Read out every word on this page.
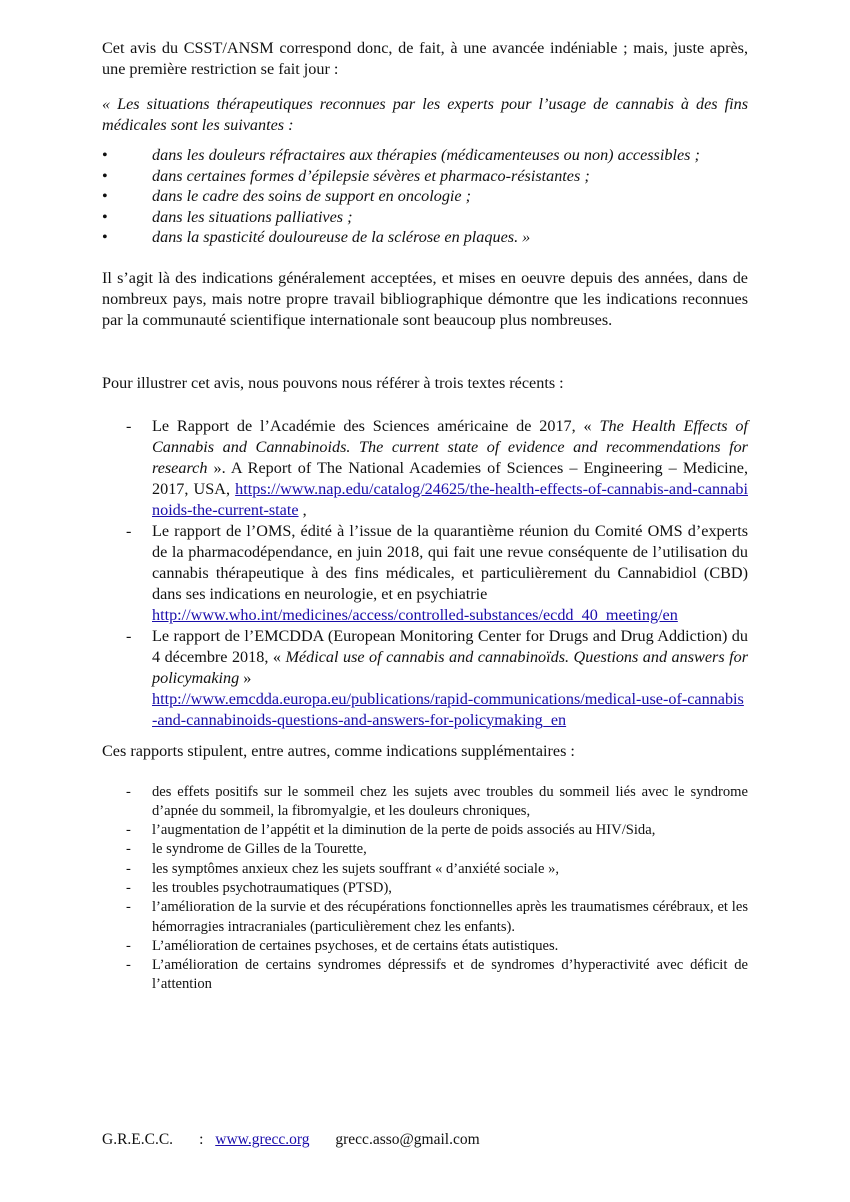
Cet avis du CSST/ANSM correspond donc, de fait, à une avancée indéniable ; mais, juste après, une première restriction se fait jour :

« Les situations thérapeutiques reconnues par les experts pour l’usage de cannabis à des fins médicales sont les suivantes :

•	dans les douleurs réfractaires aux thérapies (médicamenteuses ou non) accessibles ;
•	dans certaines formes d’épilepsie sévères et pharmaco-résistantes ;
•	dans le cadre des soins de support en oncologie ;
•	dans les situations palliatives ;
•	dans la spasticité douloureuse de la sclérose en plaques. »

Il s’agit là des indications généralement acceptées, et mises en oeuvre depuis des années, dans de nombreux pays, mais notre propre travail bibliographique démontre que les indications reconnues par la communauté scientifique internationale sont beaucoup plus nombreuses.

Pour illustrer cet avis, nous pouvons nous référer à trois textes récents :

- Le Rapport de l’Académie des Sciences américaine de 2017, « The Health Effects of Cannabis and Cannabinoids. The current state of evidence and recommendations for research ». A Report of The National Academies of Sciences – Engineering – Medicine, 2017, USA, https://www.nap.edu/catalog/24625/the-health-effects-of-cannabis-and-cannabinoids-the-current-state ,
- Le rapport de l’OMS, édité à l’issue de la quarantième réunion du Comité OMS d’experts de la pharmacodépendance, en juin 2018, qui fait une revue conséquente de l’utilisation du cannabis thérapeutique à des fins médicales, et particulièrement du Cannabidiol (CBD) dans ses indications en neurologie, et en psychiatrie
http://www.who.int/medicines/access/controlled-substances/ecdd_40_meeting/en
- Le rapport de l’EMCDDA (European Monitoring Center for Drugs and Drug Addiction) du 4 décembre 2018, « Médical use of cannabis and cannabinoïds. Questions and answers for policymaking »
http://www.emcdda.europa.eu/publications/rapid-communications/medical-use-of-cannabis-and-cannabinoids-questions-and-answers-for-policymaking_en

Ces rapports stipulent, entre autres, comme indications supplémentaires :

- des effets positifs sur le sommeil chez les sujets avec troubles du sommeil liés avec le syndrome d’apnée du sommeil, la fibromyalgie, et les douleurs chroniques,
- l’augmentation de l’appétit et la diminution de la perte de poids associés au HIV/Sida,
- le syndrome de Gilles de la Tourette,
- les symptômes anxieux chez les sujets souffrant « d’anxiété sociale »,
- les troubles psychotraumatiques (PTSD),
- l’amélioration de la survie et des récupérations fonctionnelles après les traumatismes cérébraux, et les hémorragies intracraniales (particulièrement chez les enfants).
- L’amélioration de certaines psychoses, et de certains états autistiques.
- L’amélioration de certains syndromes dépressifs et de syndromes d’hyperactivité avec déficit de l’attention
G.R.E.C.C. : www.grecc.org grecc.asso@gmail.com
